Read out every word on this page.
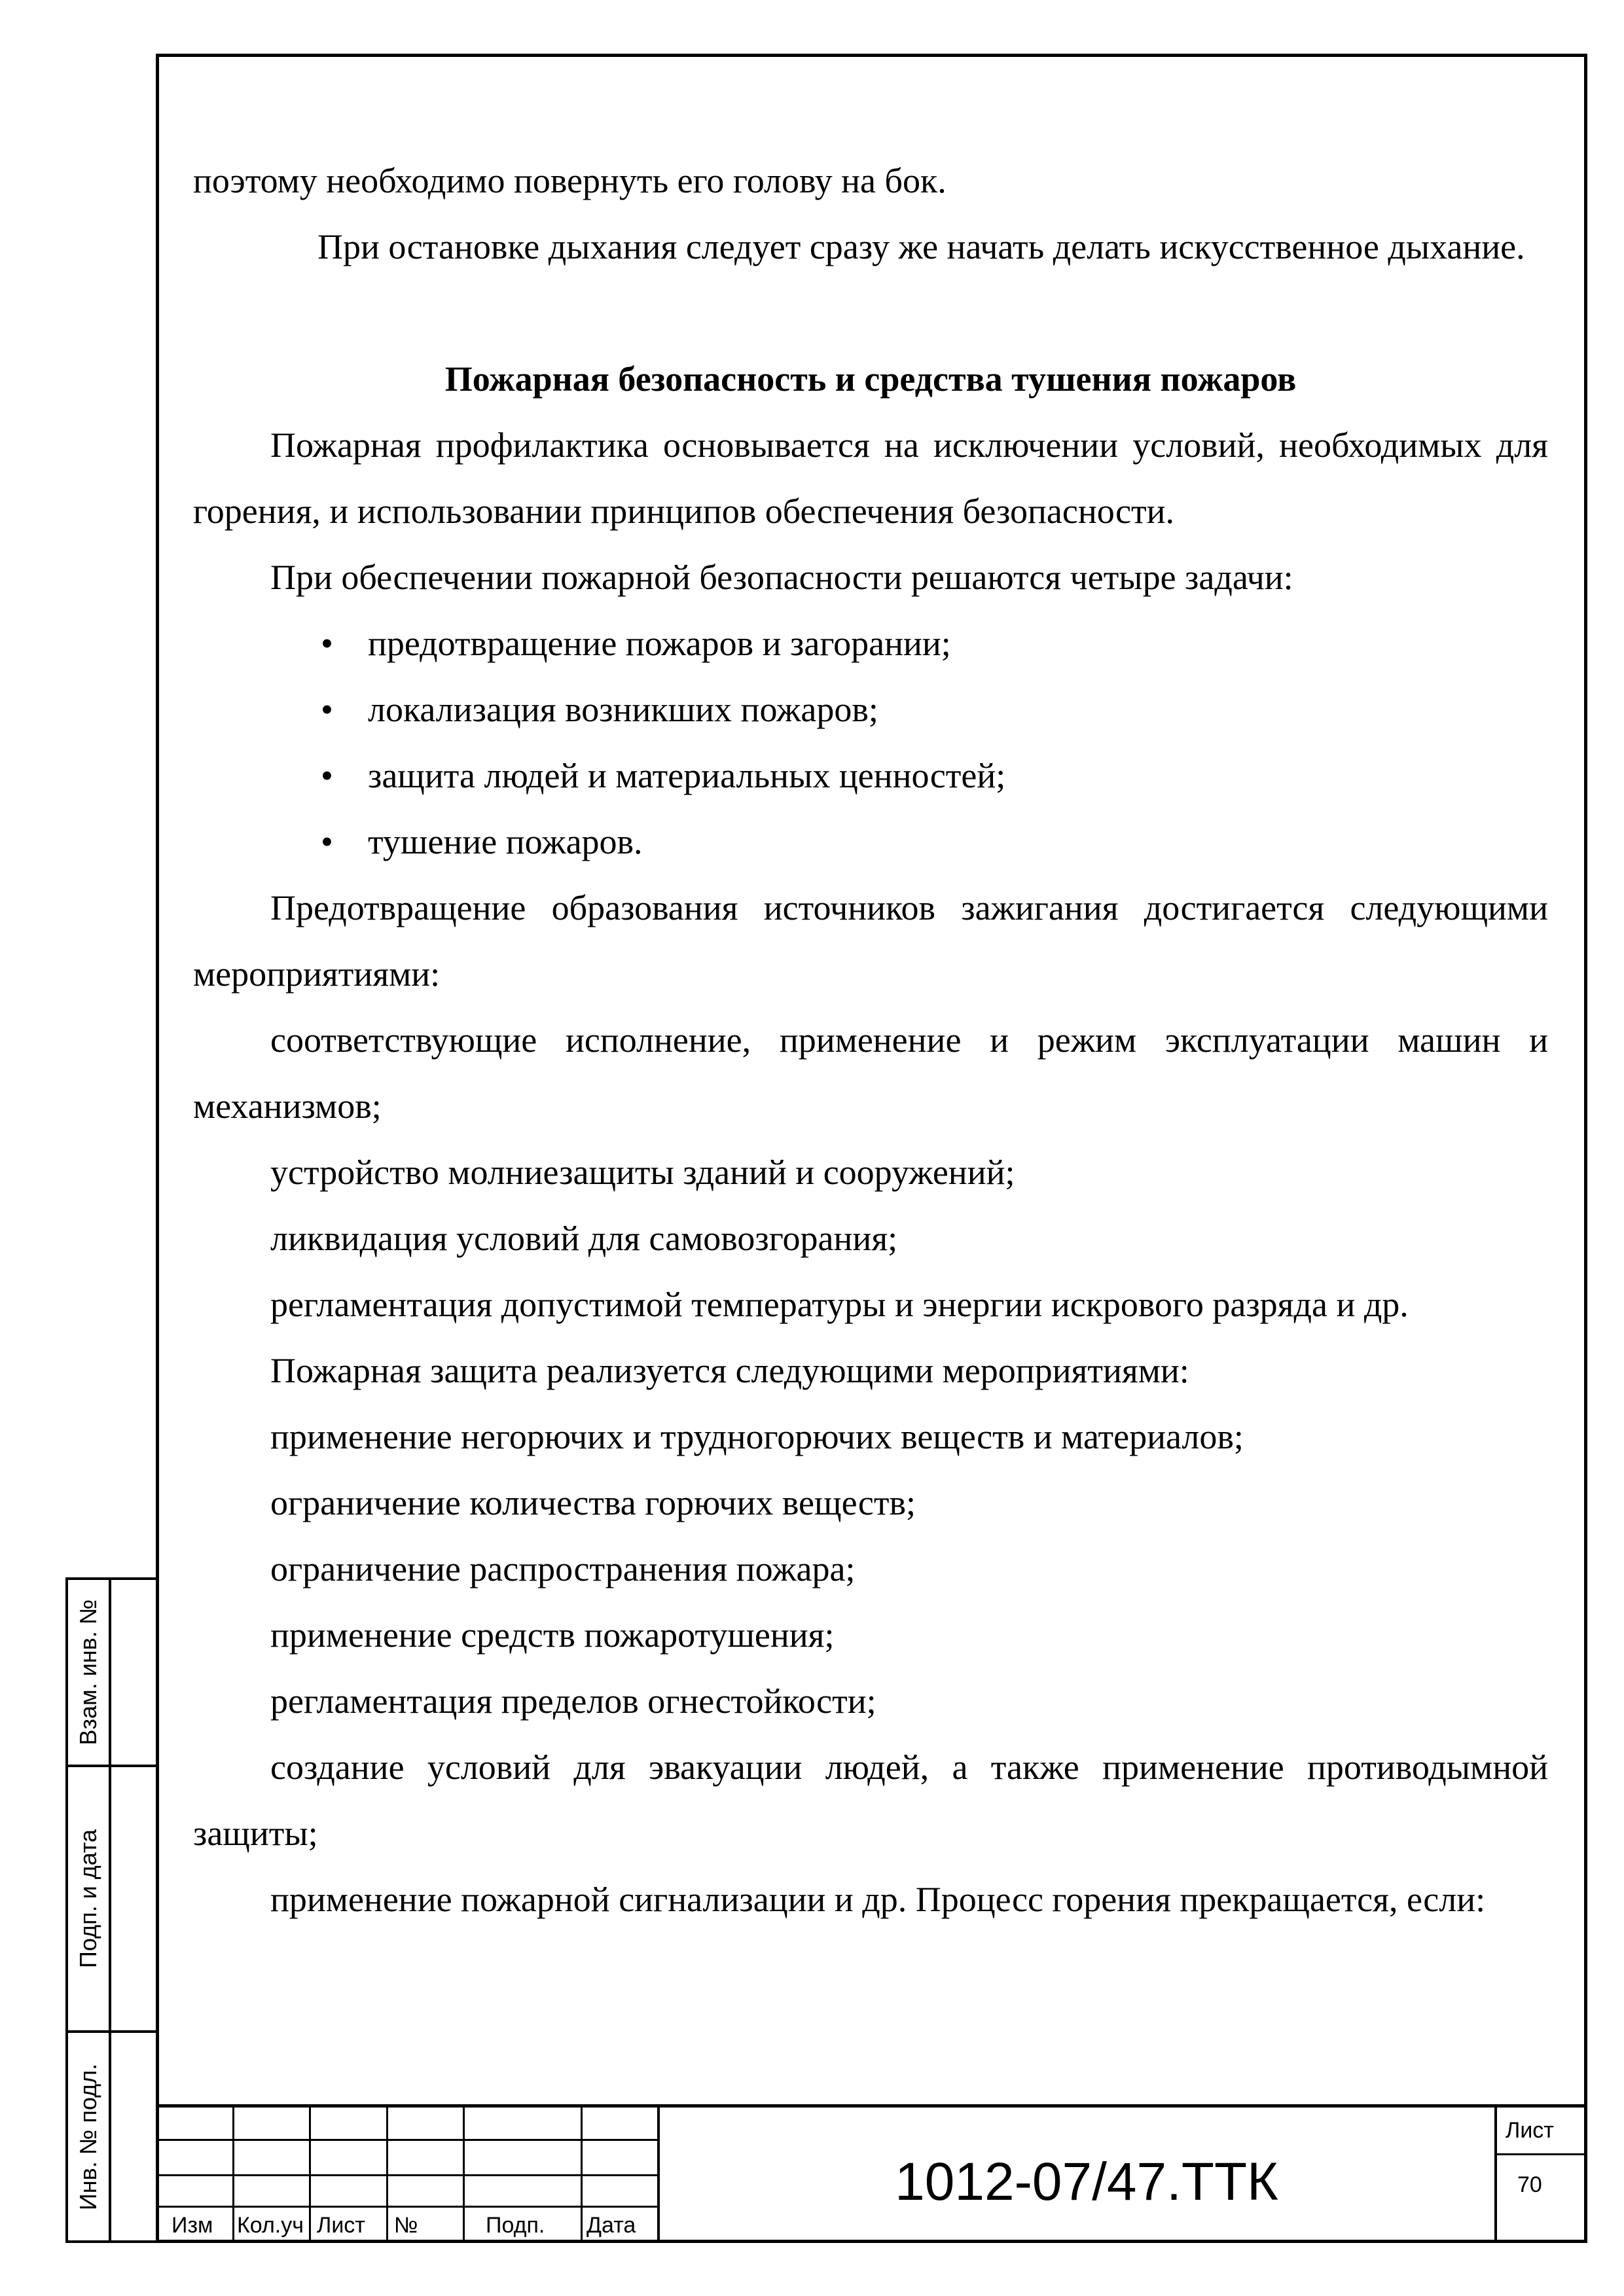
поэтому необходимо повернуть его голову на бок.

При остановке дыхания следует сразу же начать делать искусственное дыхание.

Пожарная безопасность и средства тушения пожаров

Пожарная профилактика основывается на исключении условий, необходимых для горения, и использовании принципов обеспечения безопасности.

При обеспечении пожарной безопасности решаются четыре задачи:

• предотвращение пожаров и загорании;
• локализация возникших пожаров;
• защита людей и материальных ценностей;
• тушение пожаров.

Предотвращение образования источников зажигания достигается следующими мероприятиями:

соответствующие исполнение, применение и режим эксплуатации машин и механизмов;

устройство молниезащиты зданий и сооружений;

ликвидация условий для самовозгорания;

регламентация допустимой температуры и энергии искрового разряда и др.

Пожарная защита реализуется следующими мероприятиями:

применение негорючих и трудногорючих веществ и материалов;

ограничение количества горючих веществ;

ограничение распространения пожара;

применение средств пожаротушения;

регламентация пределов огнестойкости;

создание условий для эвакуации людей, а также применение противодымной защиты;

применение пожарной сигнализации и др. Процесс горения прекращается, если:

Взам. инв. №
Подп. и дата
Инв. № подл.
Изм Кол.уч Лист №	Подп. Дата
1012-07/47.ТТК
Лист
70
